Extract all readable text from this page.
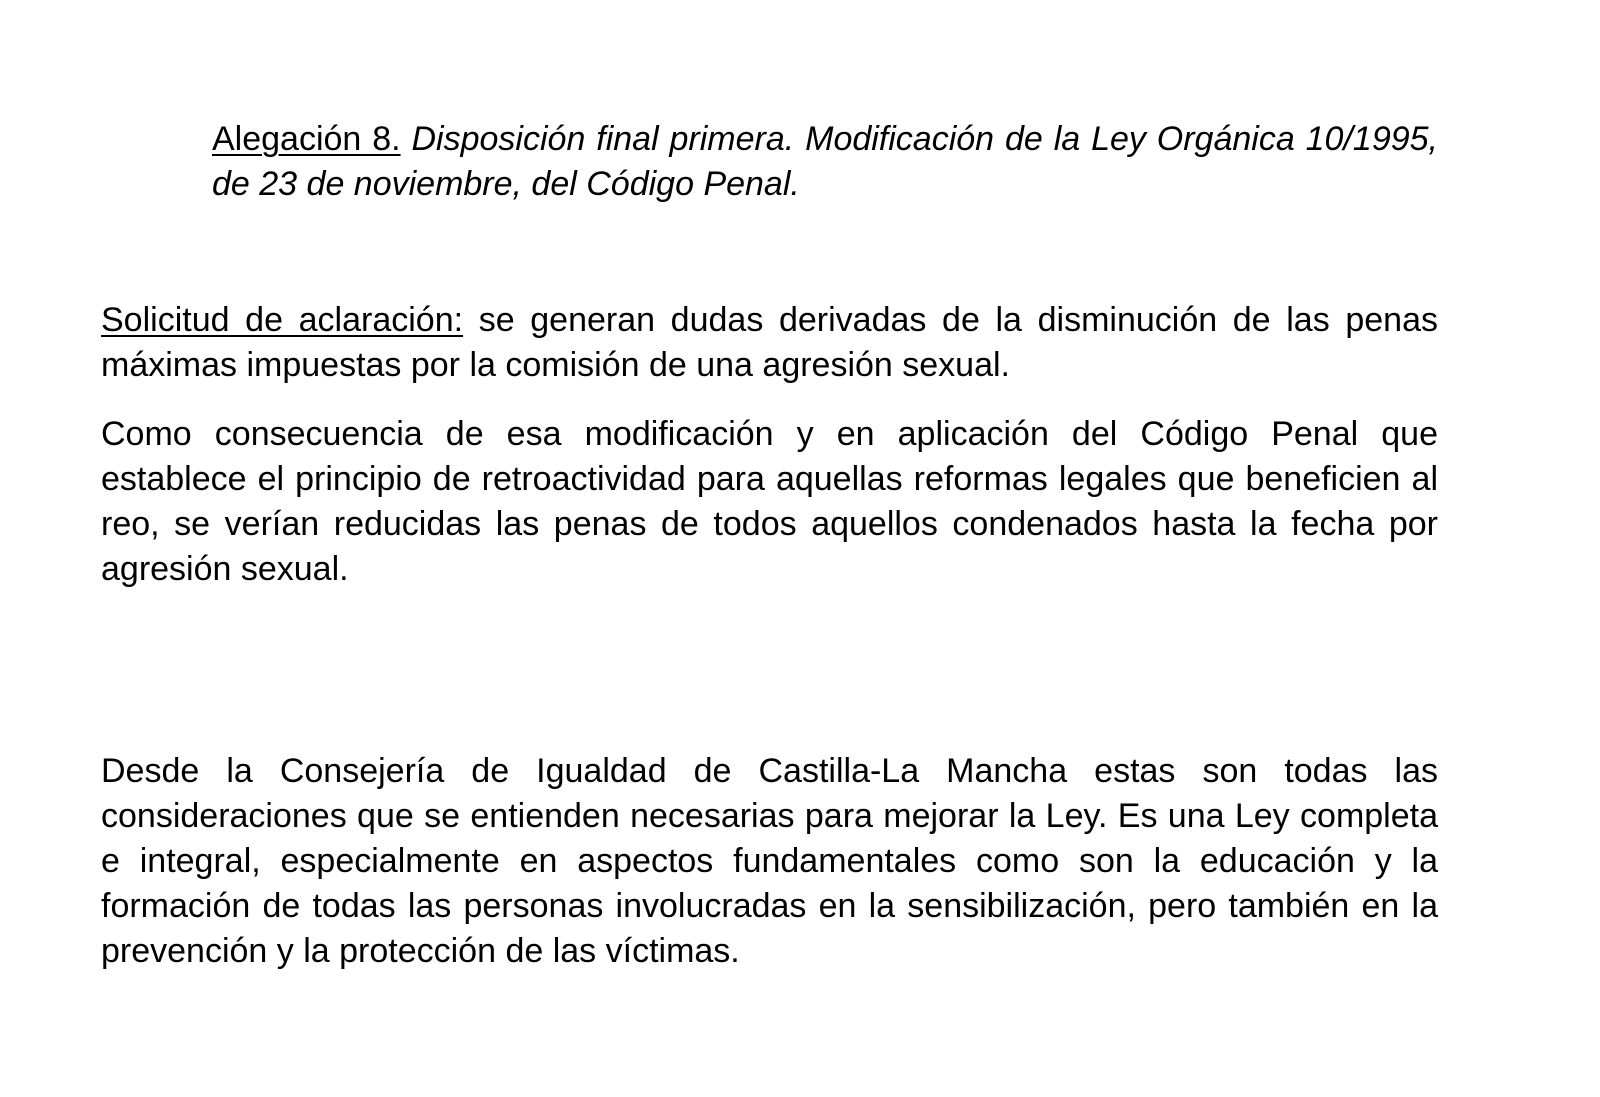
Alegación 8. Disposición final primera. Modificación de la Ley Orgánica 10/1995, de 23 de noviembre, del Código Penal.

Solicitud de aclaración: se generan dudas derivadas de la disminución de las penas máximas impuestas por la comisión de una agresión sexual.

Como consecuencia de esa modificación y en aplicación del Código Penal que establece el principio de retroactividad para aquellas reformas legales que beneficien al reo, se verían reducidas las penas de todos aquellos condenados hasta la fecha por agresión sexual.

Desde la Consejería de Igualdad de Castilla-La Mancha estas son todas las consideraciones que se entienden necesarias para mejorar la Ley. Es una Ley completa e integral, especialmente en aspectos fundamentales como son la educación y la formación de todas las personas involucradas en la sensibilización, pero también en la prevención y la protección de las víctimas.
